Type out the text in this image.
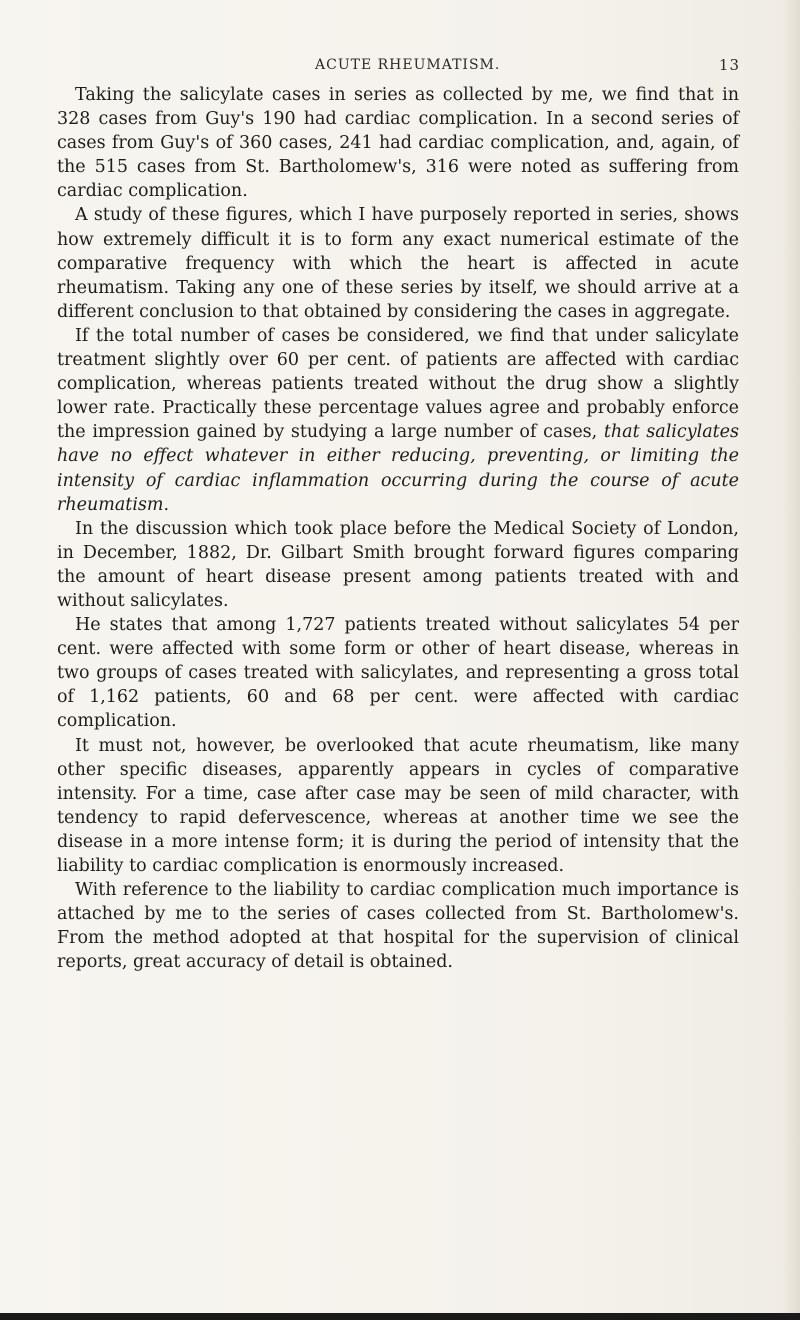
ACUTE RHEUMATISM.	13

Taking the salicylate cases in series as collected by me, we find that in 328 cases from Guy's 190 had cardiac complication. In a second series of cases from Guy's of 360 cases, 241 had cardiac complication, and, again, of the 515 cases from St. Bartholomew's, 316 were noted as suffering from cardiac complication.

A study of these figures, which I have purposely reported in series, shows how extremely difficult it is to form any exact numerical estimate of the comparative frequency with which the heart is affected in acute rheumatism. Taking any one of these series by itself, we should arrive at a different conclusion to that obtained by considering the cases in aggregate.

If the total number of cases be considered, we find that under salicylate treatment slightly over 60 per cent. of patients are affected with cardiac complication, whereas patients treated without the drug show a slightly lower rate. Practically these percentage values agree and probably enforce the impression gained by studying a large number of cases, that salicylates have no effect whatever in either reducing, preventing, or limiting the intensity of cardiac inflammation occurring during the course of acute rheumatism.

In the discussion which took place before the Medical Society of London, in December, 1882, Dr. Gilbart Smith brought forward figures comparing the amount of heart disease present among patients treated with and without salicylates.

He states that among 1,727 patients treated without salicylates 54 per cent. were affected with some form or other of heart disease, whereas in two groups of cases treated with salicylates, and representing a gross total of 1,162 patients, 60 and 68 per cent. were affected with cardiac complication.

It must not, however, be overlooked that acute rheumatism, like many other specific diseases, apparently appears in cycles of comparative intensity. For a time, case after case may be seen of mild character, with tendency to rapid defervescence, whereas at another time we see the disease in a more intense form; it is during the period of intensity that the liability to cardiac complication is enormously increased.

With reference to the liability to cardiac complication much importance is attached by me to the series of cases collected from St. Bartholomew's. From the method adopted at that hospital for the supervision of clinical reports, great accuracy of detail is obtained.
